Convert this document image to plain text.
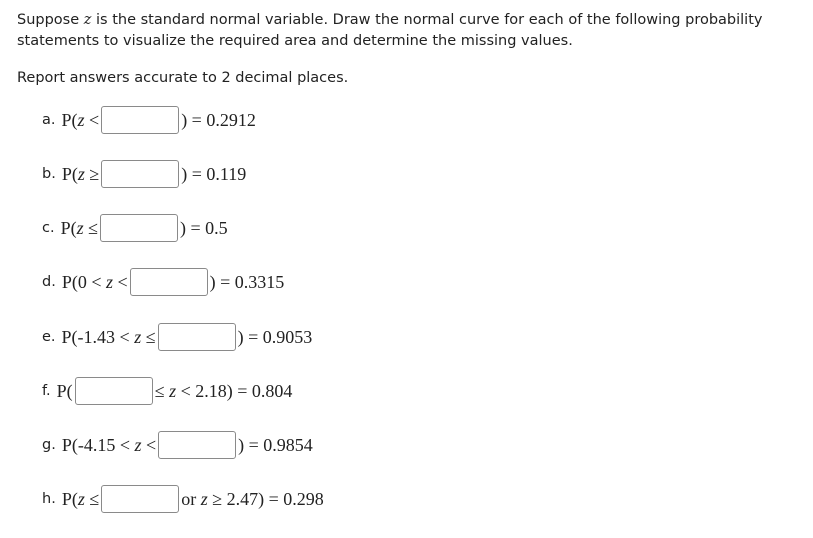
Suppose z is the standard normal variable. Draw the normal curve for each of the following probability statements to visualize the required area and determine the missing values.
Report answers accurate to 2 decimal places.
a. P(z <	) = 0.2912
b. P(z ≥	) = 0.119
c. P(z ≤	) = 0.5
d. P(0 < z <	) = 0.3315
e. P(-1.43 < z ≤	) = 0.9053
f. P(	≤ z < 2.18) = 0.804
g. P(-4.15 < z <	) = 0.9854
h. P(z ≤	or z ≥ 2.47) = 0.298
